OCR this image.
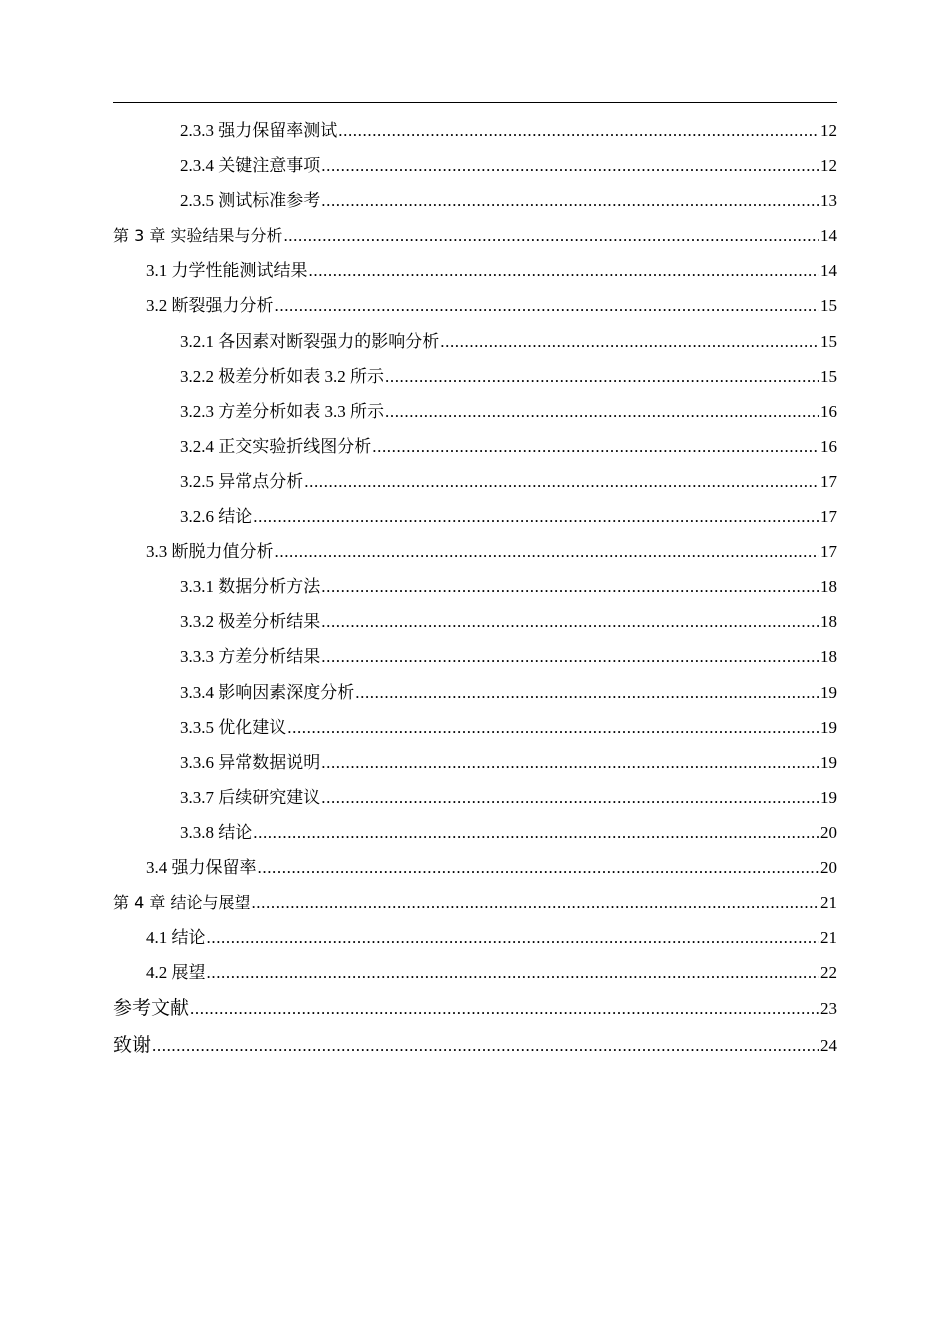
2.3.3 强力保留率测试 .....	12
2.3.4 关键注意事项 .....	12
2.3.5 测试标准参考 .....	13
第 3 章 实验结果与分析 .....	14
3.1 力学性能测试结果 .....	14
3.2 断裂强力分析 .....	15
3.2.1 各因素对断裂强力的影响分析 .....	15
3.2.2 极差分析如表 3.2 所示 .....	15
3.2.3 方差分析如表 3.3 所示 .....	16
3.2.4 正交实验折线图分析 .....	16
3.2.5 异常点分析 .....	17
3.2.6 结论 .....	17
3.3 断脱力值分析 .....	17
3.3.1 数据分析方法 .....	18
3.3.2 极差分析结果 .....	18
3.3.3 方差分析结果 .....	18
3.3.4 影响因素深度分析 .....	19
3.3.5 优化建议 .....	19
3.3.6 异常数据说明 .....	19
3.3.7 后续研究建议 .....	19
3.3.8 结论 .....	20
3.4 强力保留率 .....	20
第 4 章 结论与展望 .....	21
4.1 结论 .....	21
4.2 展望 .....	22
参考文献 .....	23
致谢 .....	24
